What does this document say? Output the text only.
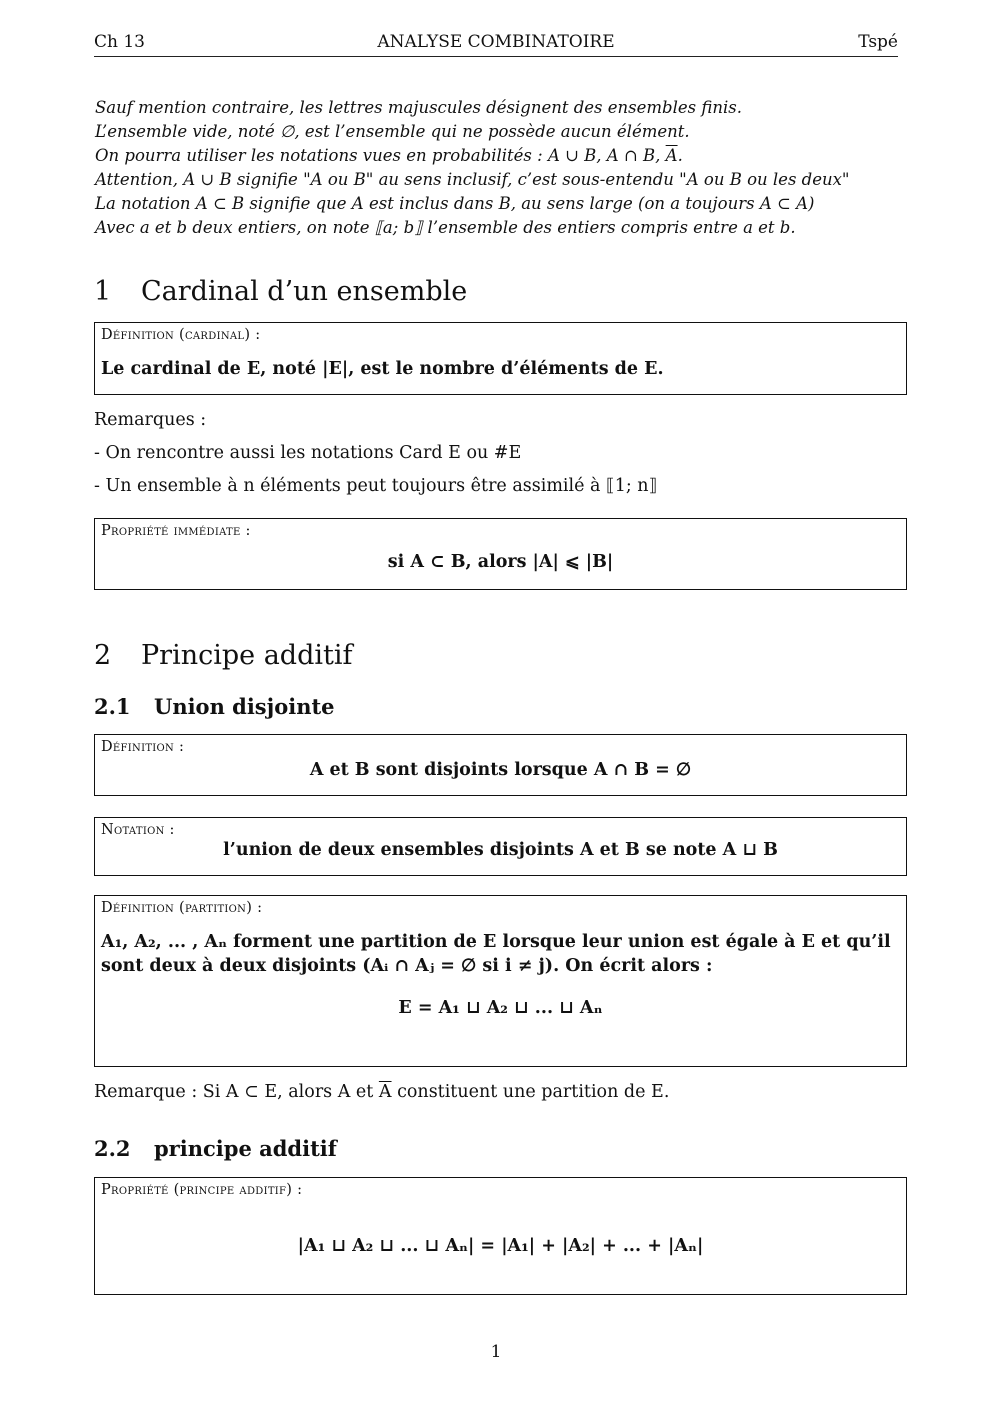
Ch 13	ANALYSE COMBINATOIRE	Tspé
Sauf mention contraire, les lettres majuscules désignent des ensembles finis.
L’ensemble vide, noté ∅, est l’ensemble qui ne possède aucun élément.
On pourra utiliser les notations vues en probabilités : A ∪ B, A ∩ B, $\overline{A}$.
Attention, A ∪ B signifie "A ou B" au sens inclusif, c’est sous-entendu "A ou B ou les deux"
La notation A ⊂ B signifie que A est inclus dans B, au sens large (on a toujours A ⊂ A)
Avec a et b deux entiers, on note ⟦a; b⟧ l’ensemble des entiers compris entre a et b.
1 Cardinal d’un ensemble
Définition (cardinal) :
Le cardinal de E, noté |E|, est le nombre d’éléments de E.
Remarques :
- On rencontre aussi les notations Card E ou #E
- Un ensemble à n éléments peut toujours être assimilé à ⟦1; n⟧
Propriété immédiate :
si A ⊂ B, alors |A| ⩽ |B|
2 Principe additif
2.1 Union disjointe
Définition :
A et B sont disjoints lorsque A ∩ B = ∅
Notation :
l’union de deux ensembles disjoints A et B se note A ⊔ B
Définition (partition) :
A₁, A₂, ... , Aₙ forment une partition de E lorsque leur union est égale à E et qu’il
sont deux à deux disjoints (Aᵢ ∩ Aⱼ = ∅ si i ≠ j). On écrit alors :
E = A₁ ⊔ A₂ ⊔ ... ⊔ Aₙ
Remarque : Si A ⊂ E, alors A et $\overline{A}$ constituent une partition de E.
2.2 principe additif
Propriété (principe additif) :
|A₁ ⊔ A₂ ⊔ ... ⊔ Aₙ| = |A₁| + |A₂| + ... + |Aₙ|
1
